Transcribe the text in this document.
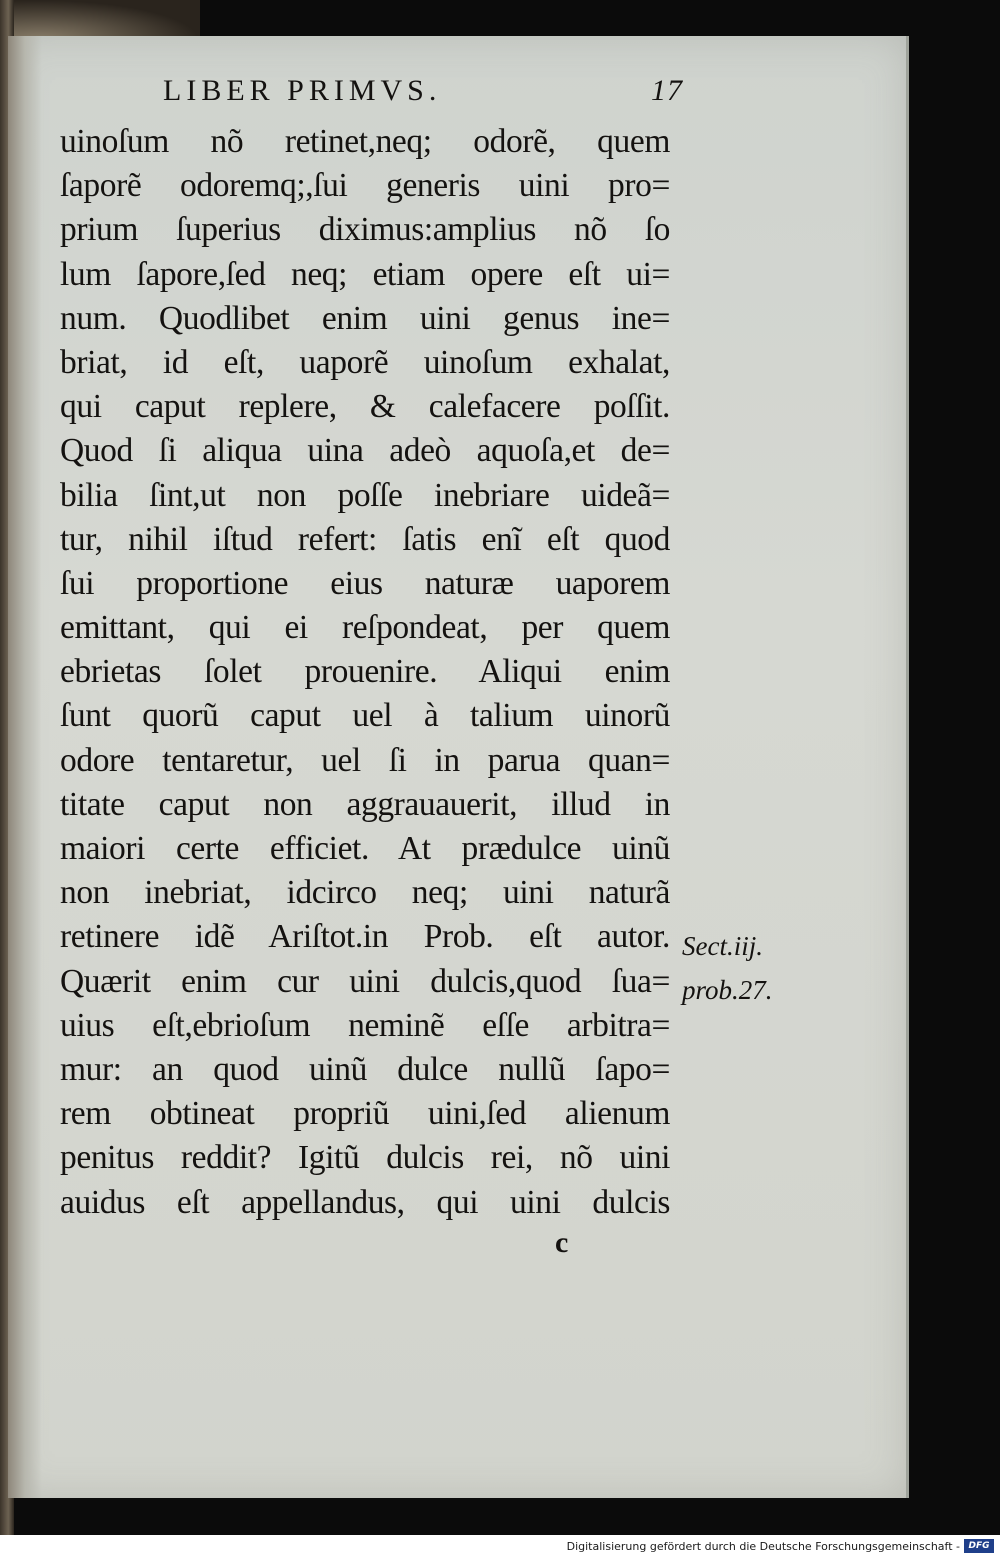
LIBER PRIMVS.	17
uinoſum nõ retinet,neq; odorẽ, quem
ſaporẽ odoremq;,ſui generis uini pro=
prium ſuperius diximus:amplius nõ ſo
lum ſapore,ſed neq; etiam opere eſt ui=
num. Quodlibet enim uini genus ine=
briat, id eſt, uaporẽ uinoſum exhalat,
qui caput replere, & calefacere poſſit.
Quod ſi aliqua uina adeò aquoſa,et de=
bilia ſint,ut non poſſe inebriare uideã=
tur, nihil iſtud refert: ſatis enĩ eſt quod
ſui proportione eius naturæ uaporem
emittant, qui ei reſpondeat, per quem
ebrietas ſolet prouenire. Aliqui enim
ſunt quorũ caput uel à talium uinorũ
odore tentaretur, uel ſi in parua quan=
titate caput non aggrauauerit, illud in
maiori certe efficiet. At prædulce uinũ
non inebriat, idcirco neq; uini naturã
retinere idẽ Ariſtot.in Prob. eſt autor.
Quærit enim cur uini dulcis,quod ſua=
uius eſt,ebrioſum neminẽ eſſe arbitra=
mur: an quod uinũ dulce nullũ ſapo=
rem obtineat propriũ uini,ſed alienum
penitus reddit? Igitũ dulcis rei, nõ uini
auidus eſt appellandus, qui uini dulcis
Sect.iij.
prob.27.
c
Digitalisierung gefördert durch die Deutsche Forschungsgemeinschaft - DFG
